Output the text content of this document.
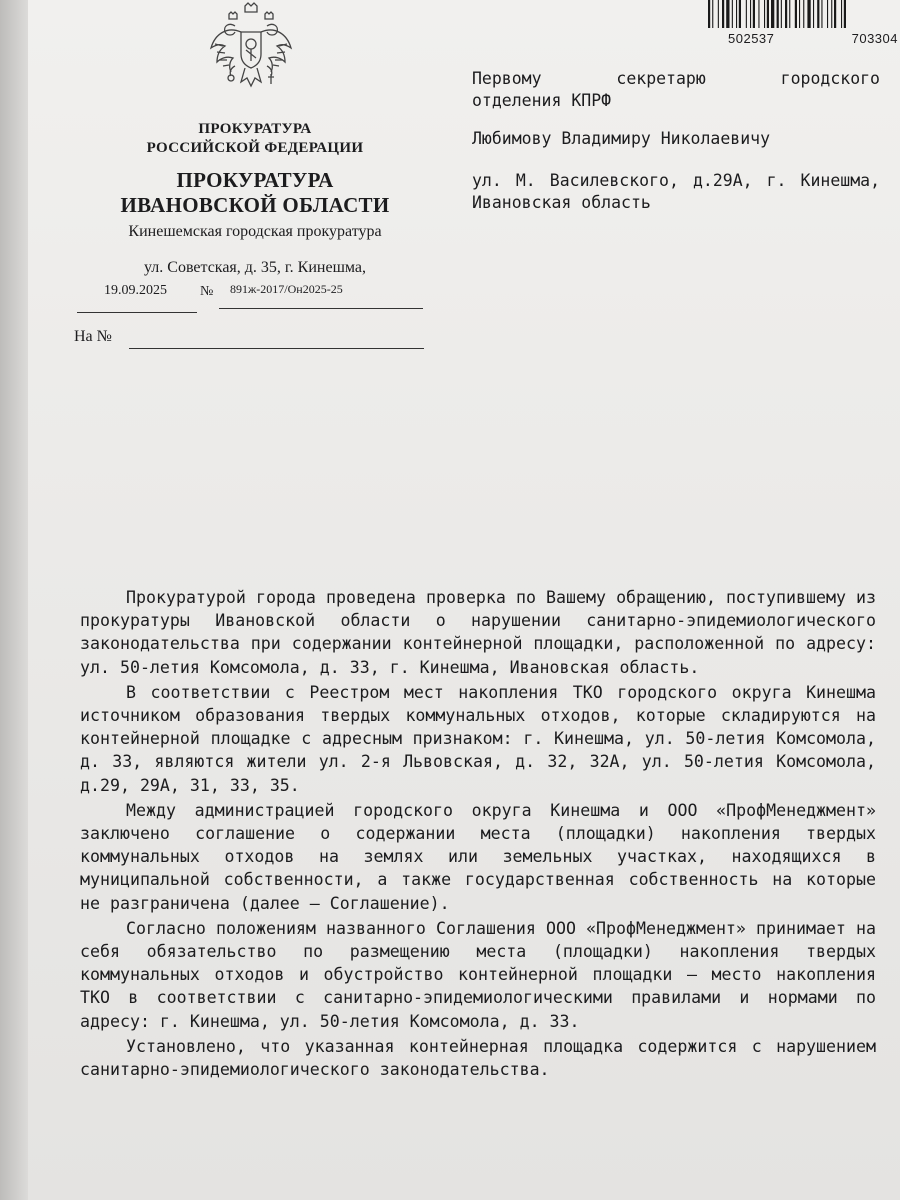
502537	703304
ПРОКУРАТУРА
РОССИЙСКОЙ ФЕДЕРАЦИИ
ПРОКУРАТУРА
ИВАНОВСКОЙ ОБЛАСТИ
Кинешемская городская прокуратура
ул. Советская, д. 35, г. Кинешма,
19.09.2025 № 891ж-2017/Он2025-25
На №

Первому секретарю городского

отделения КПРФ

Любимову Владимиру Николаевичу

ул. М. Василевского, д.29А, г. Кинешма, Ивановская область

Прокуратурой города проведена проверка по Вашему обращению, поступившему из прокуратуры Ивановской области о нарушении санитарно-эпидемиологического законодательства при содержании контейнерной площадки, расположенной по адресу: ул. 50-летия Комсомола, д. 33, г. Кинешма, Ивановская область.

В соответствии с Реестром мест накопления ТКО городского округа Кинешма источником образования твердых коммунальных отходов, которые складируются на контейнерной площадке с адресным признаком: г. Кинешма, ул. 50-летия Комсомола, д. 33, являются жители ул. 2-я Львовская, д. 32, 32А, ул. 50-летия Комсомола, д.29, 29А, 31, 33, 35.

Между администрацией городского округа Кинешма и ООО «ПрофМенеджмент» заключено соглашение о содержании места (площадки) накопления твердых коммунальных отходов на землях или земельных участках, находящихся в муниципальной собственности, а также государственная собственность на которые не разграничена (далее – Соглашение).

Согласно положениям названного Соглашения ООО «ПрофМенеджмент» принимает на себя обязательство по размещению места (площадки) накопления твердых коммунальных отходов и обустройство контейнерной площадки – место накопления ТКО в соответствии с санитарно-эпидемиологическими правилами и нормами по адресу: г. Кинешма, ул. 50-летия Комсомола, д. 33.

Установлено, что указанная контейнерная площадка содержится с нарушением санитарно-эпидемиологического законодательства.
